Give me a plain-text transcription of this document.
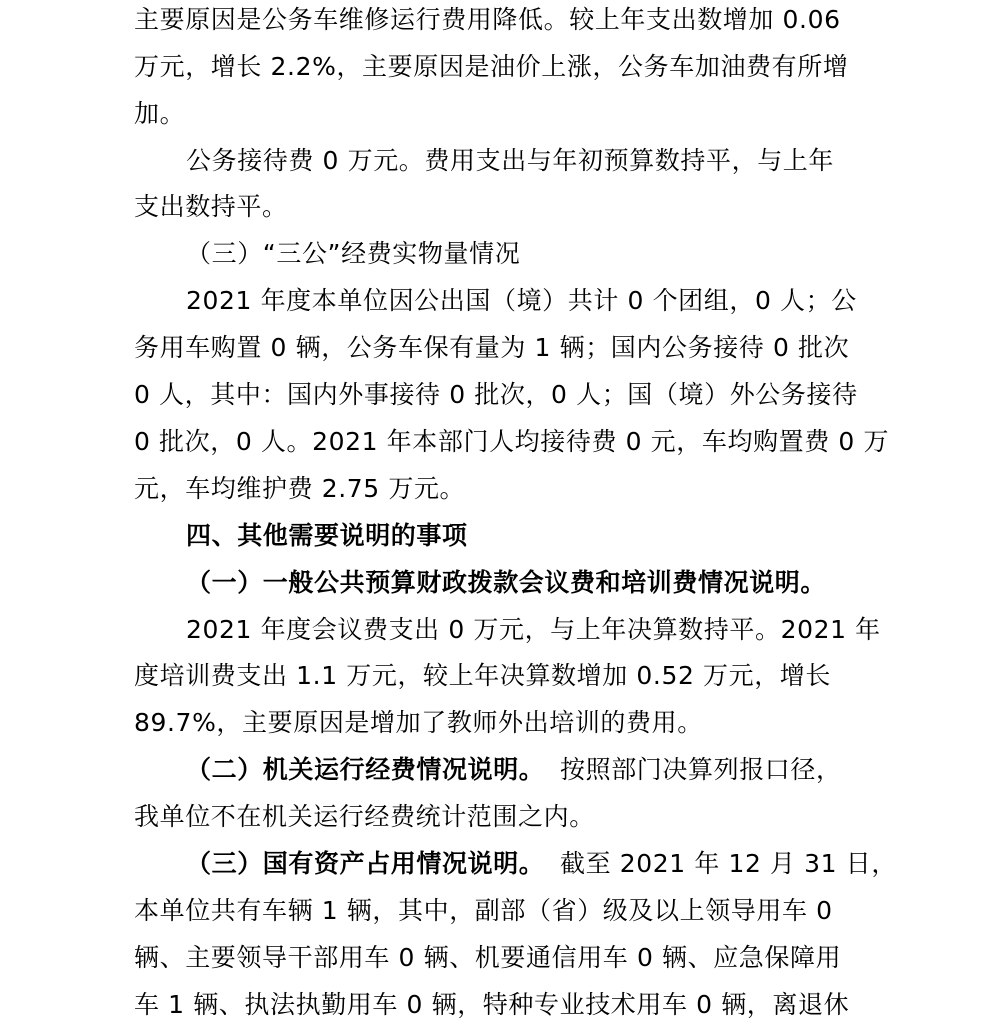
主要原因是公务车维修运行费用降低。较上年支出数增加 0.06
万元，增长 2.2%，主要原因是油价上涨，公务车加油费有所增
加。
公务接待费 0 万元。费用支出与年初预算数持平，与上年
支出数持平。
（三）“三公”经费实物量情况
2021 年度本单位因公出国（境）共计 0 个团组，0 人；公
务用车购置 0 辆，公务车保有量为 1 辆；国内公务接待 0 批次
0 人，其中：国内外事接待 0 批次，0 人；国（境）外公务接待
0 批次，0 人。2021 年本部门人均接待费 0 元，车均购置费 0 万
元，车均维护费 2.75 万元。
四、其他需要说明的事项
（一）一般公共预算财政拨款会议费和培训费情况说明。
2021 年度会议费支出 0 万元，与上年决算数持平。2021 年
度培训费支出 1.1 万元，较上年决算数增加 0.52 万元，增长
89.7%，主要原因是增加了教师外出培训的费用。
（二）机关运行经费情况说明。 按照部门决算列报口径，
我单位不在机关运行经费统计范围之内。
（三）国有资产占用情况说明。 截至 2021 年 12 月 31 日，
本单位共有车辆 1 辆，其中，副部（省）级及以上领导用车 0
辆、主要领导干部用车 0 辆、机要通信用车 0 辆、应急保障用
车 1 辆、执法执勤用车 0 辆，特种专业技术用车 0 辆，离退休
